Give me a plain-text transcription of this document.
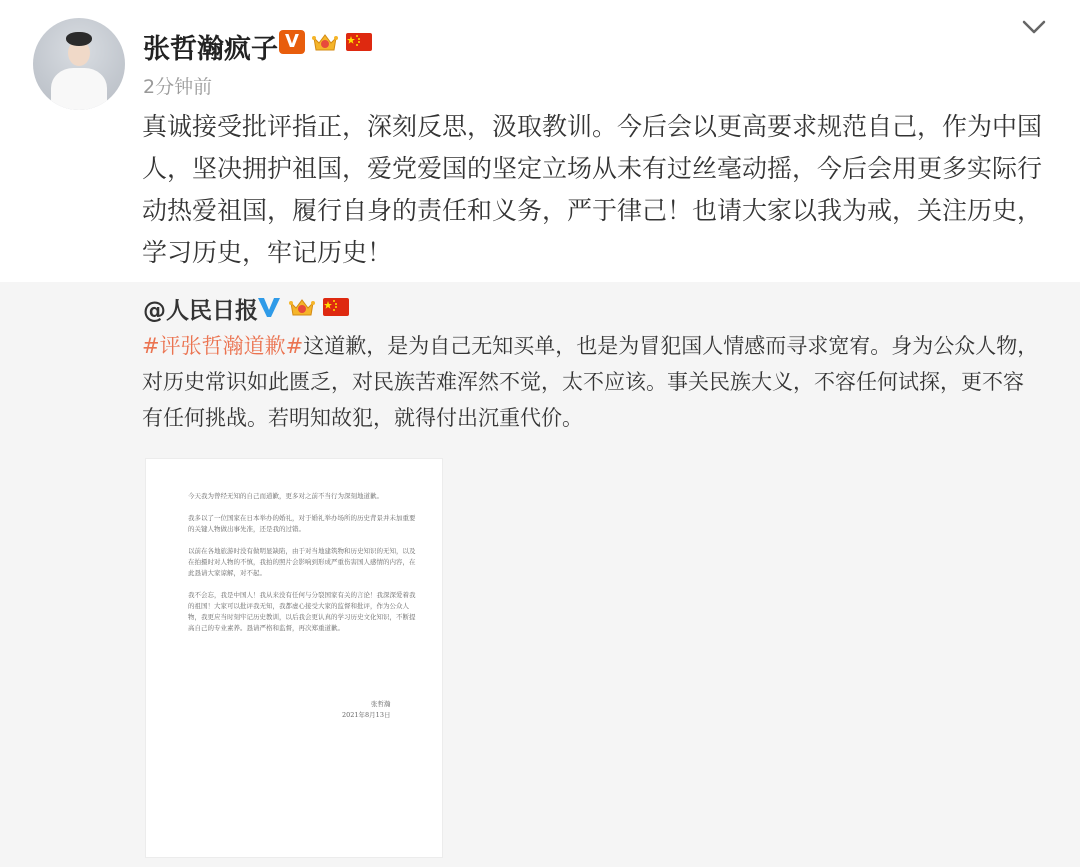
张哲瀚疯子 V
2分钟前
真诚接受批评指正，深刻反思，汲取教训。今后会以更高要求规范自己，作为中国人，坚决拥护祖国，爱党爱国的坚定立场从未有过丝毫动摇，今后会用更多实际行动热爱祖国，履行自身的责任和义务，严于律己！也请大家以我为戒，关注历史，学习历史，牢记历史！
@人民日报
#评张哲瀚道歉#这道歉，是为自己无知买单，也是为冒犯国人情感而寻求宽宥。身为公众人物，对历史常识如此匮乏，对民族苦难浑然不觉，太不应该。事关民族大义，不容任何试探，更不容有任何挑战。若明知故犯，就得付出沉重代价。
今天我为曾经无知的自己而道歉，更多对之前不当行为深刻地道歉。

我多以了一位国家在日本举办的婚礼，对于婚礼举办场所的历史背景并未加重要的关键人物做出事先准，还是我的过错。

以前在各地旅游时没有做明显缺陷，由于对当地建筑物和历史知识的无知，以及在拍摄时对人物的不慎，我拍的照片会影响到形成严重伤害国人感情的内容，在此恳请大家谅解，对不起。

我不会忘，我是中国人！我从来没有任何与分裂国家有关的言论！我深深爱着我的祖国！大家可以批评我无知，我都虚心接受大家的监督和批评，作为公众人物，我更应当时刻牢记历史教训，以后我会更认真的学习历史文化知识，不断提高自己的专业素养。恳请严格和监督，再次郑重道歉。
张哲瀚
2021年8月13日
